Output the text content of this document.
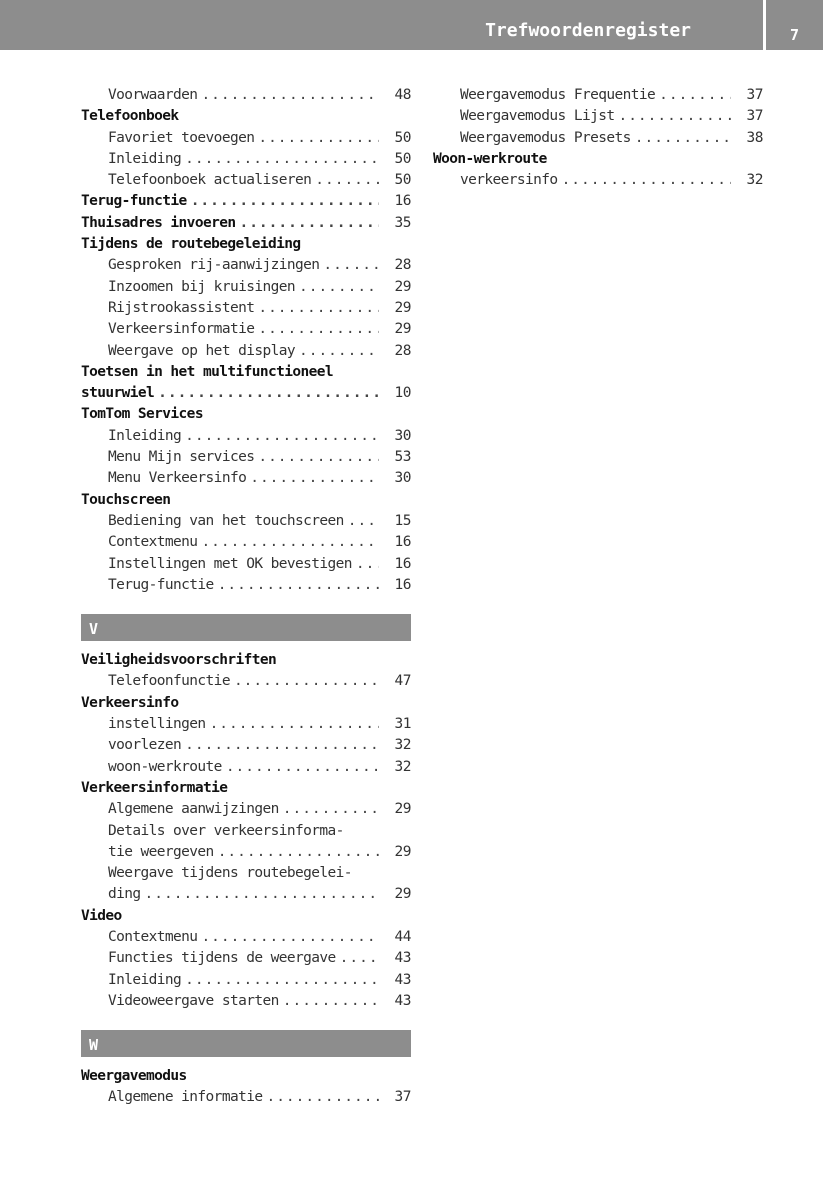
Trefwoordenregister	7
Voorwaarden .....	48
Telefoonboek
Favoriet toevoegen .....	50
Inleiding .....	50
Telefoonboek actualiseren .....	50
Terug-functie .....	16
Thuisadres invoeren .....	35
Tijdens de routebegeleiding
Gesproken rij-aanwijzingen .....	28
Inzoomen bij kruisingen .....	29
Rijstrookassistent .....	29
Verkeersinformatie .....	29
Weergave op het display .....	28
Toetsen in het multifunctioneel
stuurwiel .....	10
TomTom Services
Inleiding .....	30
Menu Mijn services .....	53
Menu Verkeersinfo .....	30
Touchscreen
Bediening van het touchscreen .....	15
Contextmenu .....	16
Instellingen met OK bevestigen .....	16
Terug-functie .....	16
V
Veiligheidsvoorschriften
Telefoonfunctie .....	47
Verkeersinfo
instellingen .....	31
voorlezen .....	32
woon-werkroute .....	32
Verkeersinformatie
Algemene aanwijzingen .....	29
Details over verkeersinforma-
tie weergeven .....	29
Weergave tijdens routebegelei-
ding .....	29
Video
Contextmenu .....	44
Functies tijdens de weergave .....	43
Inleiding .....	43
Videoweergave starten .....	43
W
Weergavemodus
Algemene informatie .....	37
Weergavemodus Frequentie .....	37
Weergavemodus Lijst .....	37
Weergavemodus Presets .....	38
Woon-werkroute
verkeersinfo .....	32
